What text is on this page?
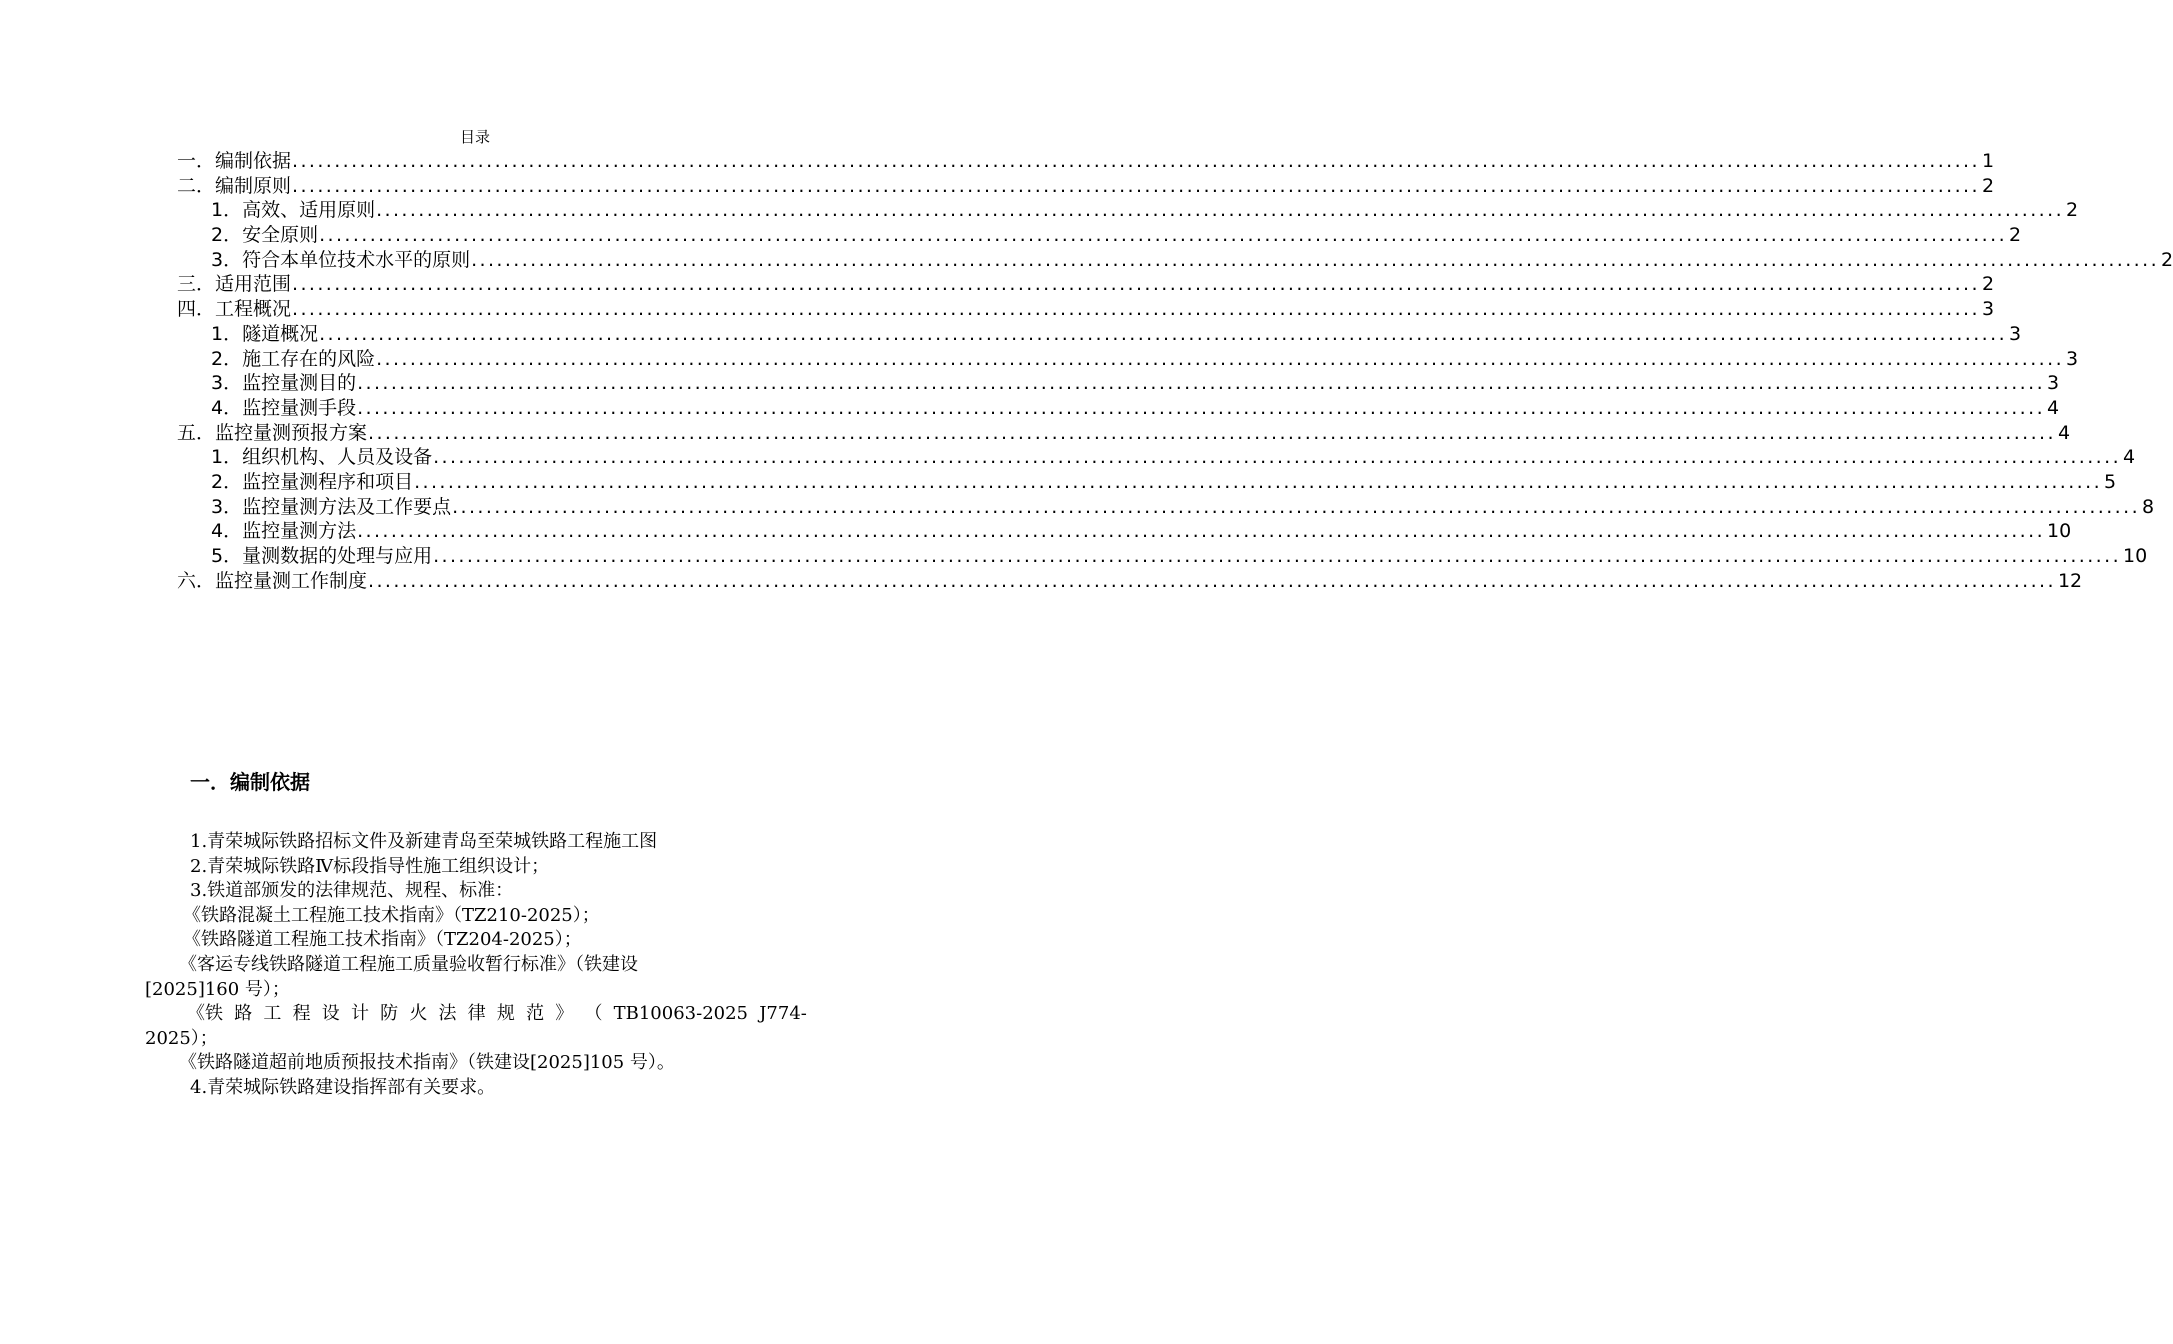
目录
一．编制依据 ........................................................................................................................................................................................................ 1
二．编制原则 ........................................................................................................................................................................................................ 2
1．高效、适用原则 ........................................................................................................................................................................................................ 2
2．安全原则 ........................................................................................................................................................................................................ 2
3．符合本单位技术水平的原则 ........................................................................................................................................................................................................ 2
三．适用范围 ........................................................................................................................................................................................................ 2
四．工程概况 ........................................................................................................................................................................................................ 3
1．隧道概况 ........................................................................................................................................................................................................ 3
2．施工存在的风险 ........................................................................................................................................................................................................ 3
3．监控量测目的 ........................................................................................................................................................................................................ 3
4．监控量测手段 ........................................................................................................................................................................................................ 4
五．监控量测预报方案 ........................................................................................................................................................................................................ 4
1．组织机构、人员及设备 ........................................................................................................................................................................................................ 4
2．监控量测程序和项目 ........................................................................................................................................................................................................ 5
3．监控量测方法及工作要点 ........................................................................................................................................................................................................ 8
4．监控量测方法 ........................................................................................................................................................................................................ 10
5．量测数据的处理与应用 ........................................................................................................................................................................................................ 10
六．监控量测工作制度 ........................................................................................................................................................................................................ 12
一．编制依据

1.青荣城际铁路招标文件及新建青岛至荣城铁路工程施工图

2.青荣城际铁路Ⅳ标段指导性施工组织设计；

3.铁道部颁发的法律规范、规程、标准：

《铁路混凝土工程施工技术指南》（TZ210-2025）；

《铁路隧道工程施工技术指南》（TZ204-2025）；

《客运专线铁路隧道工程施工质量验收暂行标准》（铁建设

[2025]160 号）；

《铁 路 工 程 设 计 防 火 法 律 规 范 》 （ TB10063-2025 J774-

2025）；

《铁路隧道超前地质预报技术指南》（铁建设[2025]105 号）。

4.青荣城际铁路建设指挥部有关要求。
